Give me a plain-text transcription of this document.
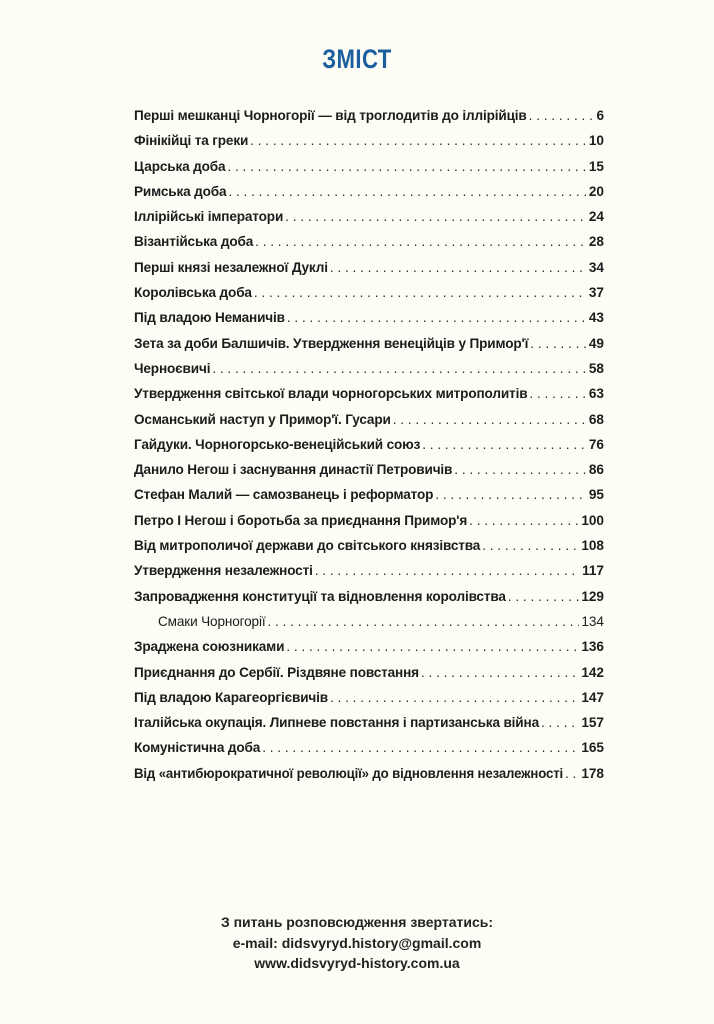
ЗМІСТ
Перші мешканці Чорногорії — від троглодитів до іллірійців . . .	6
Фінікійці та греки . . .	10
Царська доба . . .	15
Римська доба . . .	20
Іллірійські імператори . . .	24
Візантійська доба . . .	28
Перші князі незалежної Дуклі . . .	34
Королівська доба . . .	37
Під владою Неманичів . . .	43
Зета за доби Балшичів. Утвердження венеційців у Примор'ї . . .	49
Черноєвичі . . .	58
Утвердження світської влади чорногорських митрополитів . . .	63
Османський наступ у Примор'ї. Гусари . . .	68
Гайдуки. Чорногорсько-венеційський союз . . .	76
Данило Негош і заснування династії Петровичів . . .	86
Стефан Малий — самозванець і реформатор . . .	95
Петро I Негош і боротьба за приєднання Примор'я . . .	100
Від митрополичої держави до світського князівства . . .	108
Утвердження незалежності . . .	117
Запровадження конституції та відновлення королівства . . .	129
Смаки Чорногорії . . .	134
Зраджена союзниками . . .	136
Приєднання до Сербії. Різдвяне повстання . . .	142
Під владою Карагеоргієвичів . . .	147
Італійська окупація. Липневе повстання і партизанська війна . . .	157
Комуністична доба . . .	165
Від «антибюрократичної революції» до відновлення незалежності . . . 178
З питань розповсюдження звертатись:
e-mail: didsvyryd.history@gmail.com
www.didsvyryd-history.com.ua
